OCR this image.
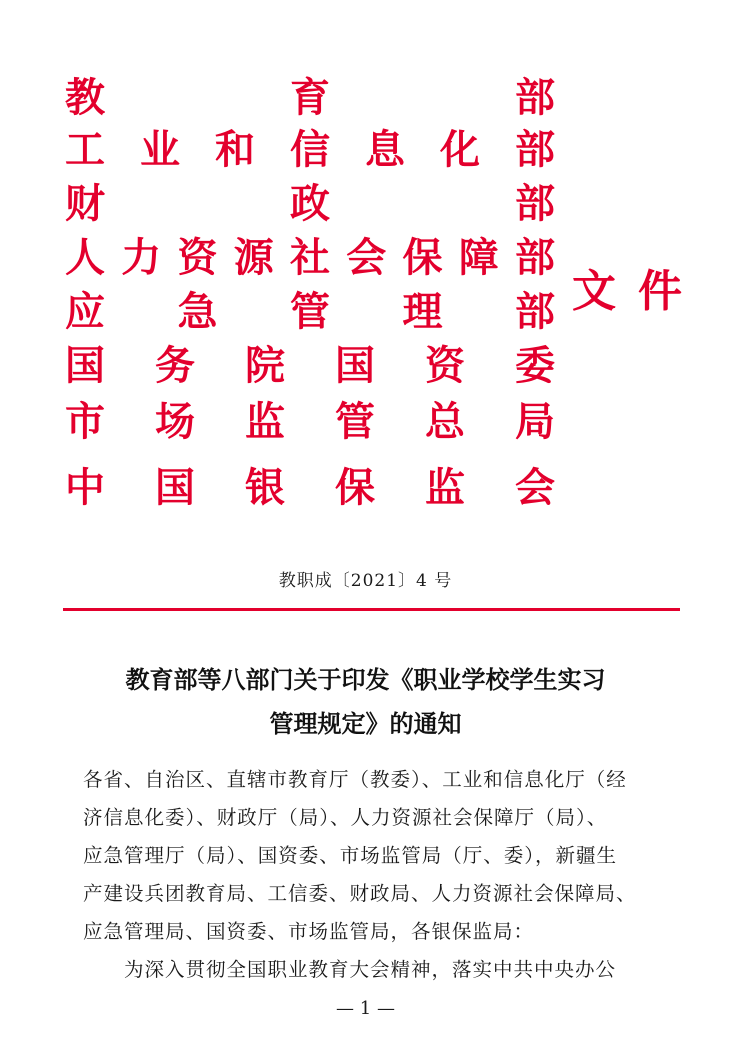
教	育	部
工 业 和 信 息 化 部
财	政	部
人 力 资 源 社 会 保 障 部
应 急 管 理 部
国 务 院 国 资 委
市 场 监 管 总 局
中 国 银 保 监 会
文 件
教职成〔2021〕4 号
教育部等八部门关于印发《职业学校学生实习
管理规定》的通知
各省、自治区、直辖市教育厅（教委）、工业和信息化厅（经
济信息化委）、财政厅（局）、人力资源社会保障厅（局）、
应急管理厅（局）、国资委、市场监管局（厅、委），新疆生
产建设兵团教育局、工信委、财政局、人力资源社会保障局、
应急管理局、国资委、市场监管局，各银保监局：
为深入贯彻全国职业教育大会精神，落实中共中央办公
— 1 —
